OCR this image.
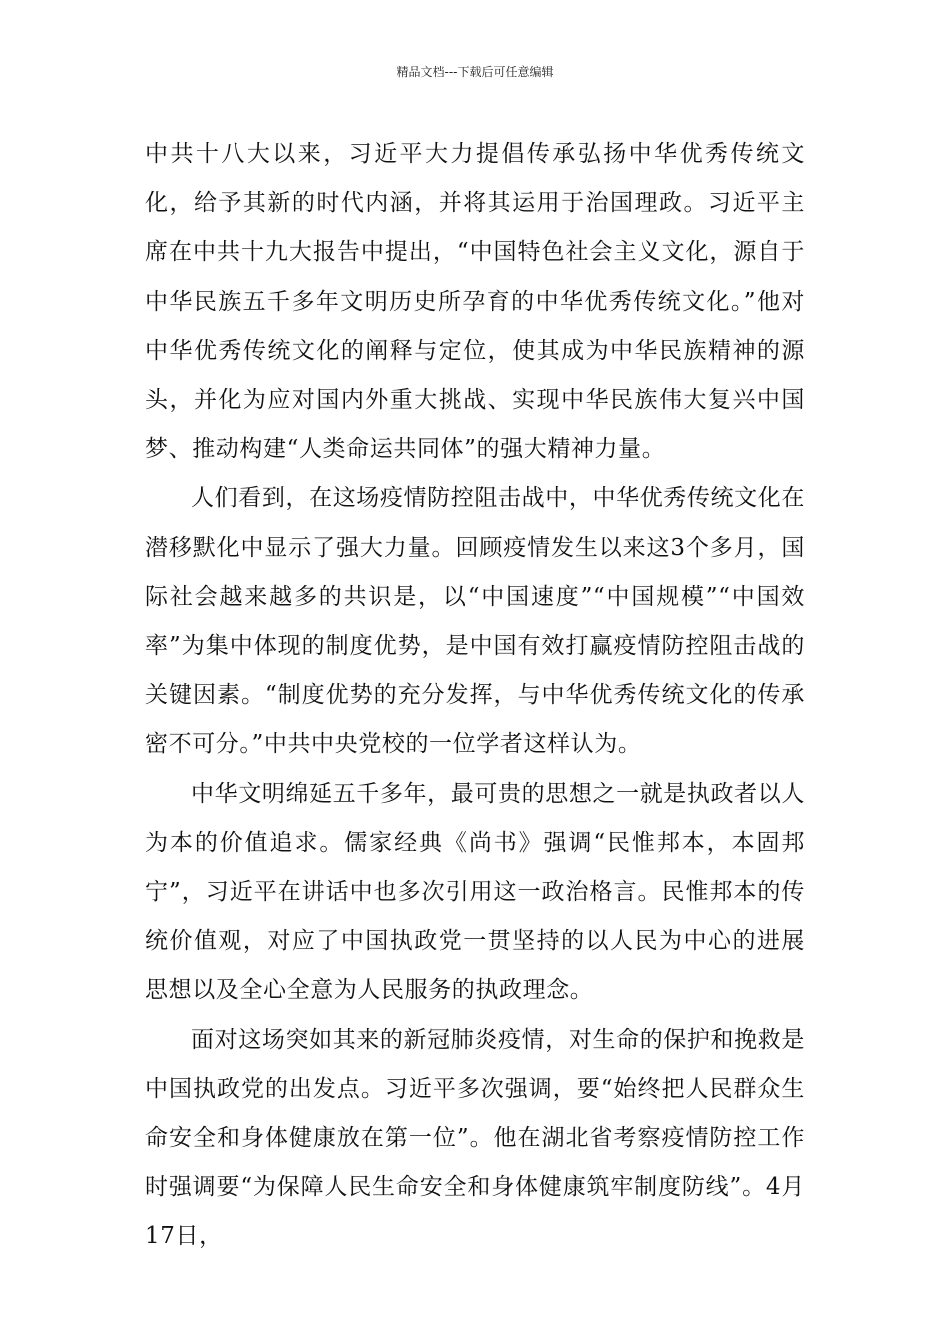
精品文档---下载后可任意编辑

中共十八大以来，习近平大力提倡传承弘扬中华优秀传统文化，给予其新的时代内涵，并将其运用于治国理政。习近平主席在中共十九大报告中提出，“中国特色社会主义文化，源自于中华民族五千多年文明历史所孕育的中华优秀传统文化。”他对中华优秀传统文化的阐释与定位，使其成为中华民族精神的源头，并化为应对国内外重大挑战、实现中华民族伟大复兴中国梦、推动构建“人类命运共同体”的强大精神力量。

人们看到，在这场疫情防控阻击战中，中华优秀传统文化在潜移默化中显示了强大力量。回顾疫情发生以来这3个多月，国际社会越来越多的共识是，以“中国速度”“中国规模”“中国效率”为集中体现的制度优势，是中国有效打赢疫情防控阻击战的关键因素。“制度优势的充分发挥，与中华优秀传统文化的传承密不可分。”中共中央党校的一位学者这样认为。

中华文明绵延五千多年，最可贵的思想之一就是执政者以人为本的价值追求。儒家经典《尚书》强调“民惟邦本，本固邦宁”，习近平在讲话中也多次引用这一政治格言。民惟邦本的传统价值观，对应了中国执政党一贯坚持的以人民为中心的进展思想以及全心全意为人民服务的执政理念。

面对这场突如其来的新冠肺炎疫情，对生命的保护和挽救是中国执政党的出发点。习近平多次强调，要“始终把人民群众生命安全和身体健康放在第一位”。他在湖北省考察疫情防控工作时强调要“为保障人民生命安全和身体健康筑牢制度防线”。4月17日，
